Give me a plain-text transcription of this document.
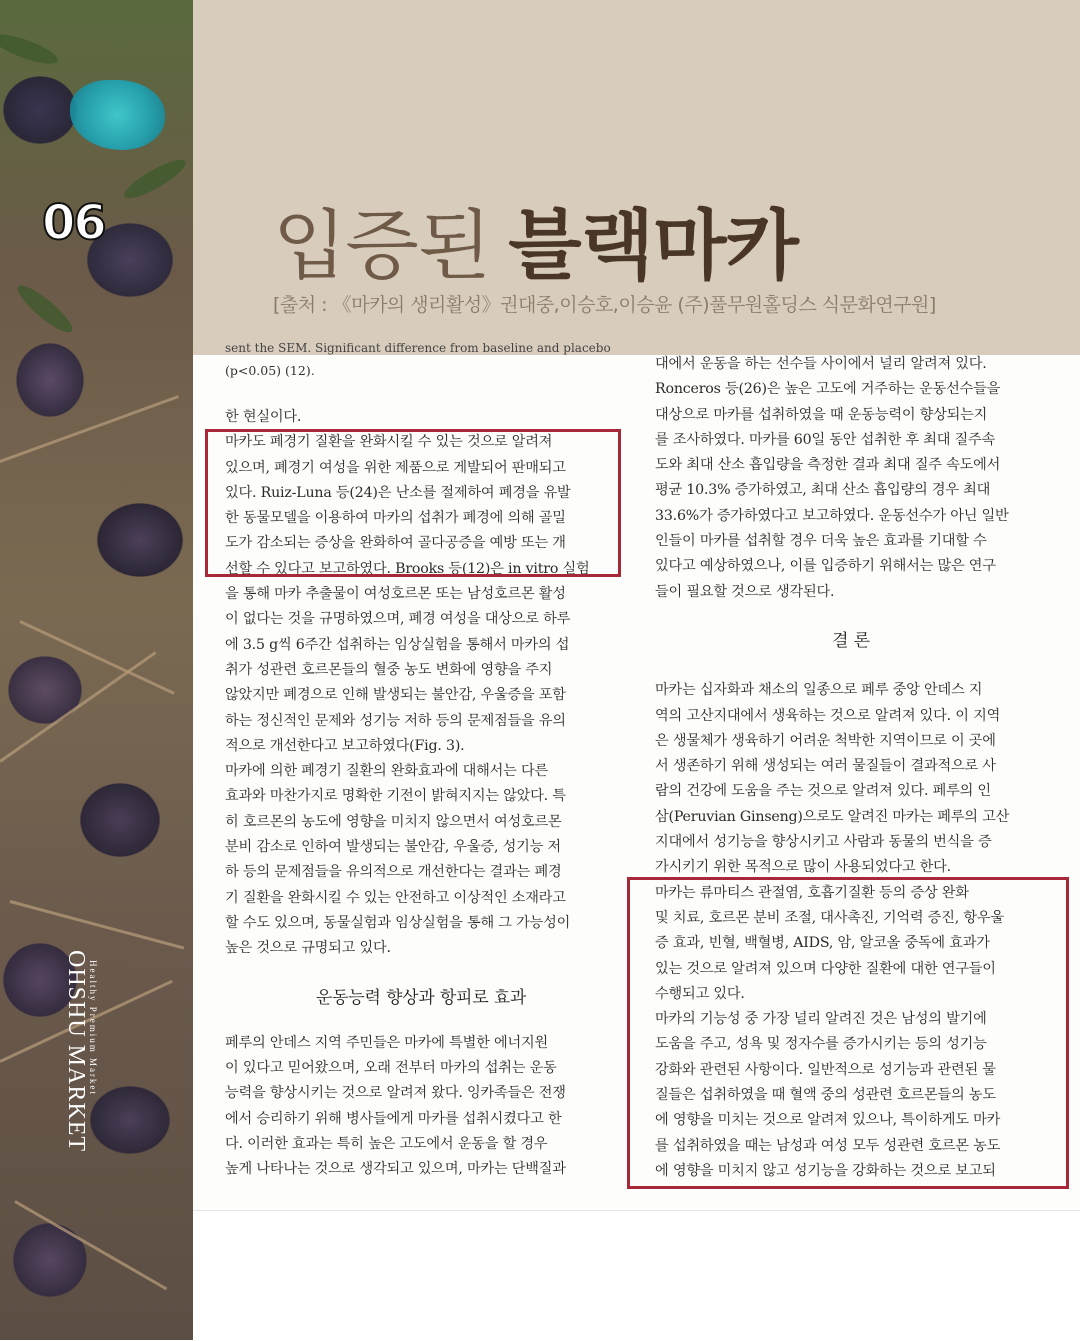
06
OHSHU MARKET Healthy Premium Market
입증된 블랙마카
[출처 : 《마카의 생리활성》권대중,이승호,이승윤 (주)풀무원홀딩스 식문화연구원]
sent the SEM. Significant difference from baseline and placebo
(p<0.05) (12).

한 현실이다.

마카도 폐경기 질환을 완화시킬 수 있는 것으로 알려져

있으며, 폐경기 여성을 위한 제품으로 게발되어 판매되고

있다. Ruiz-Luna 등(24)은 난소를 절제하여 폐경을 유발

한 동물모델을 이용하여 마카의 섭취가 폐경에 의해 골밀

도가 감소되는 증상을 완화하여 골다공증을 예방 또는 개

선할 수 있다고 보고하였다. Brooks 등(12)은 in vitro 실험

을 통해 마카 추출물이 여성호르몬 또는 남성호르몬 활성

이 없다는 것을 규명하였으며, 폐경 여성을 대상으로 하루

에 3.5 g씩 6주간 섭취하는 임상실험을 통해서 마카의 섭

취가 성관련 호르몬들의 혈중 농도 변화에 영향을 주지

않았지만 폐경으로 인해 발생되는 불안감, 우울증을 포함

하는 정신적인 문제와 성기능 저하 등의 문제점들을 유의

적으로 개선한다고 보고하였다(Fig. 3).

마카에 의한 폐경기 질환의 완화효과에 대해서는 다른

효과와 마찬가지로 명확한 기전이 밝혀지지는 않았다. 특

히 호르몬의 농도에 영향을 미치지 않으면서 여성호르몬

분비 감소로 인하여 발생되는 불안감, 우울증, 성기능 저

하 등의 문제점들을 유의적으로 개선한다는 결과는 폐경

기 질환을 완화시킬 수 있는 안전하고 이상적인 소재라고

할 수도 있으며, 동물실험과 임상실험을 통해 그 가능성이

높은 것으로 규명되고 있다.

운동능력 향상과 항피로 효과

페루의 안데스 지역 주민들은 마카에 특별한 에너지원

이 있다고 믿어왔으며, 오래 전부터 마카의 섭취는 운동

능력을 향상시키는 것으로 알려져 왔다. 잉카족들은 전쟁

에서 승리하기 위해 병사들에게 마카를 섭취시켰다고 한

다. 이러한 효과는 특히 높은 고도에서 운동을 할 경우

높게 나타나는 것으로 생각되고 있으며, 마카는 단백질과

대에서 운동을 하는 선수들 사이에서 널리 알려져 있다.

Ronceros 등(26)은 높은 고도에 거주하는 운동선수들을

대상으로 마카를 섭취하였을 때 운동능력이 향상되는지

를 조사하였다. 마카를 60일 동안 섭취한 후 최대 질주속

도와 최대 산소 흡입량을 측정한 결과 최대 질주 속도에서

평균 10.3% 증가하였고, 최대 산소 흡입량의 경우 최대

33.6%가 증가하였다고 보고하였다. 운동선수가 아닌 일반

인들이 마카를 섭취할 경우 더욱 높은 효과를 기대할 수

있다고 예상하였으나, 이를 입증하기 위해서는 많은 연구

들이 필요할 것으로 생각된다.

결 론

마카는 십자화과 채소의 일종으로 페루 중앙 안데스 지

역의 고산지대에서 생육하는 것으로 알려져 있다. 이 지역

은 생물체가 생육하기 어려운 척박한 지역이므로 이 곳에

서 생존하기 위해 생성되는 여러 물질들이 결과적으로 사

람의 건강에 도움을 주는 것으로 알려져 있다. 페루의 인

삼(Peruvian Ginseng)으로도 알려진 마카는 페루의 고산

지대에서 성기능을 향상시키고 사람과 동물의 번식을 증

가시키기 위한 목적으로 많이 사용되었다고 한다.

마카는 류마티스 관절염, 호흡기질환 등의 증상 완화

및 치료, 호르몬 분비 조절, 대사촉진, 기억력 증진, 항우울

증 효과, 빈혈, 백혈병, AIDS, 암, 알코올 중독에 효과가

있는 것으로 알려져 있으며 다양한 질환에 대한 연구들이

수행되고 있다.

마카의 기능성 중 가장 널리 알려진 것은 남성의 발기에

도움을 주고, 성욕 및 정자수를 증가시키는 등의 성기능

강화와 관련된 사항이다. 일반적으로 성기능과 관련된 물

질들은 섭취하였을 때 혈액 중의 성관련 호르몬들의 농도

에 영향을 미치는 것으로 알려져 있으나, 특이하게도 마카

를 섭취하였을 때는 남성과 여성 모두 성관련 호르몬 농도

에 영향을 미치지 않고 성기능을 강화하는 것으로 보고되
